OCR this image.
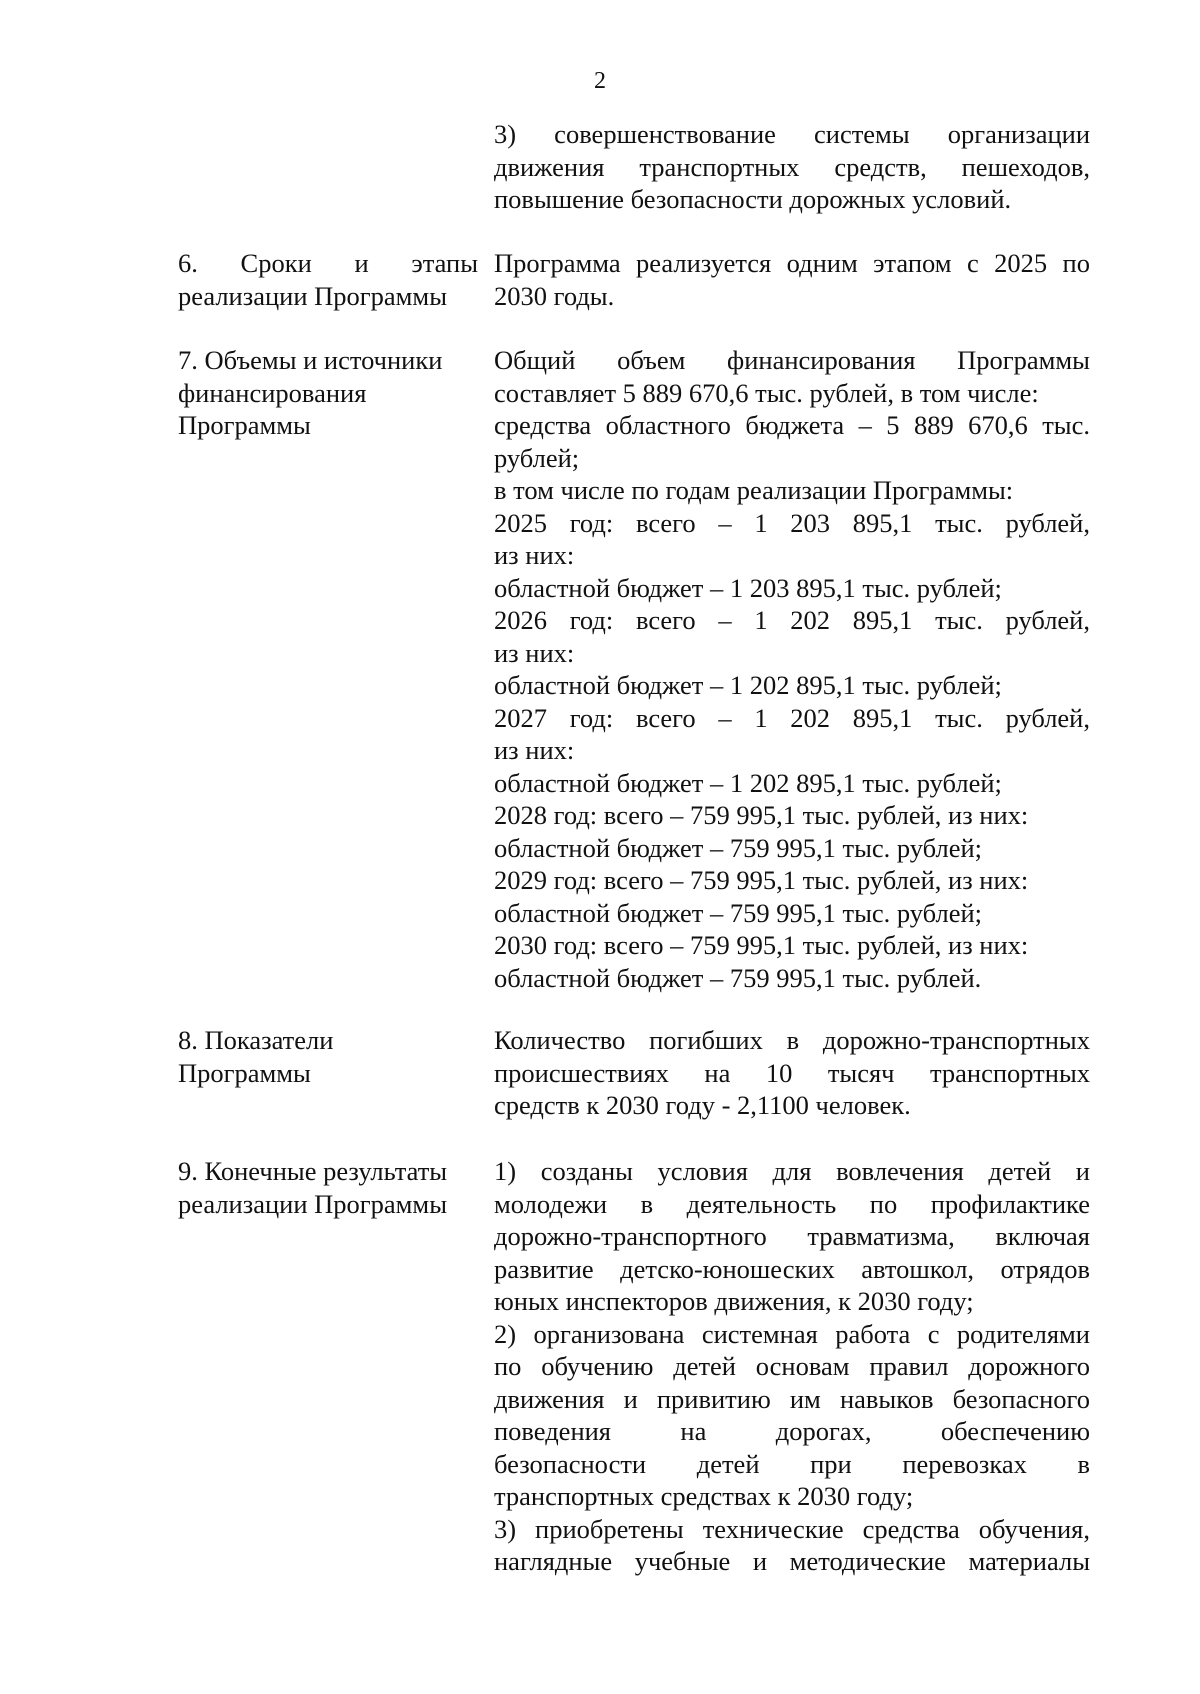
2
3) совершенствование системы организации
движения транспортных средств, пешеходов,
повышение безопасности дорожных условий.
6. Сроки и этапы
реализации Программы
Программа реализуется одним этапом с 2025 по
2030 годы.
7. Объемы и источники
финансирования
Программы
Общий объем финансирования Программы
составляет 5 889 670,6 тыс. рублей, в том числе:
средства областного бюджета – 5 889 670,6 тыс.
рублей;
в том числе по годам реализации Программы:
2025 год: всего – 1 203 895,1 тыс. рублей,
из них:
областной бюджет – 1 203 895,1 тыс. рублей;
2026 год: всего – 1 202 895,1 тыс. рублей,
из них:
областной бюджет – 1 202 895,1 тыс. рублей;
2027 год: всего – 1 202 895,1 тыс. рублей,
из них:
областной бюджет – 1 202 895,1 тыс. рублей;
2028 год: всего – 759 995,1 тыс. рублей, из них:
областной бюджет – 759 995,1 тыс. рублей;
2029 год: всего – 759 995,1 тыс. рублей, из них:
областной бюджет – 759 995,1 тыс. рублей;
2030 год: всего – 759 995,1 тыс. рублей, из них:
областной бюджет – 759 995,1 тыс. рублей.
8. Показатели
Программы
Количество погибших в дорожно-транспортных
происшествиях на 10 тысяч транспортных
средств к 2030 году - 2,1100 человек.
9. Конечные результаты
реализации Программы
1) созданы условия для вовлечения детей и
молодежи в деятельность по профилактике
дорожно-транспортного травматизма, включая
развитие детско-юношеских автошкол, отрядов
юных инспекторов движения, к 2030 году;
2) организована системная работа с родителями
по обучению детей основам правил дорожного
движения и привитию им навыков безопасного
поведения на дорогах, обеспечению
безопасности детей при перевозках в
транспортных средствах к 2030 году;
3) приобретены технические средства обучения,
наглядные учебные и методические материалы
